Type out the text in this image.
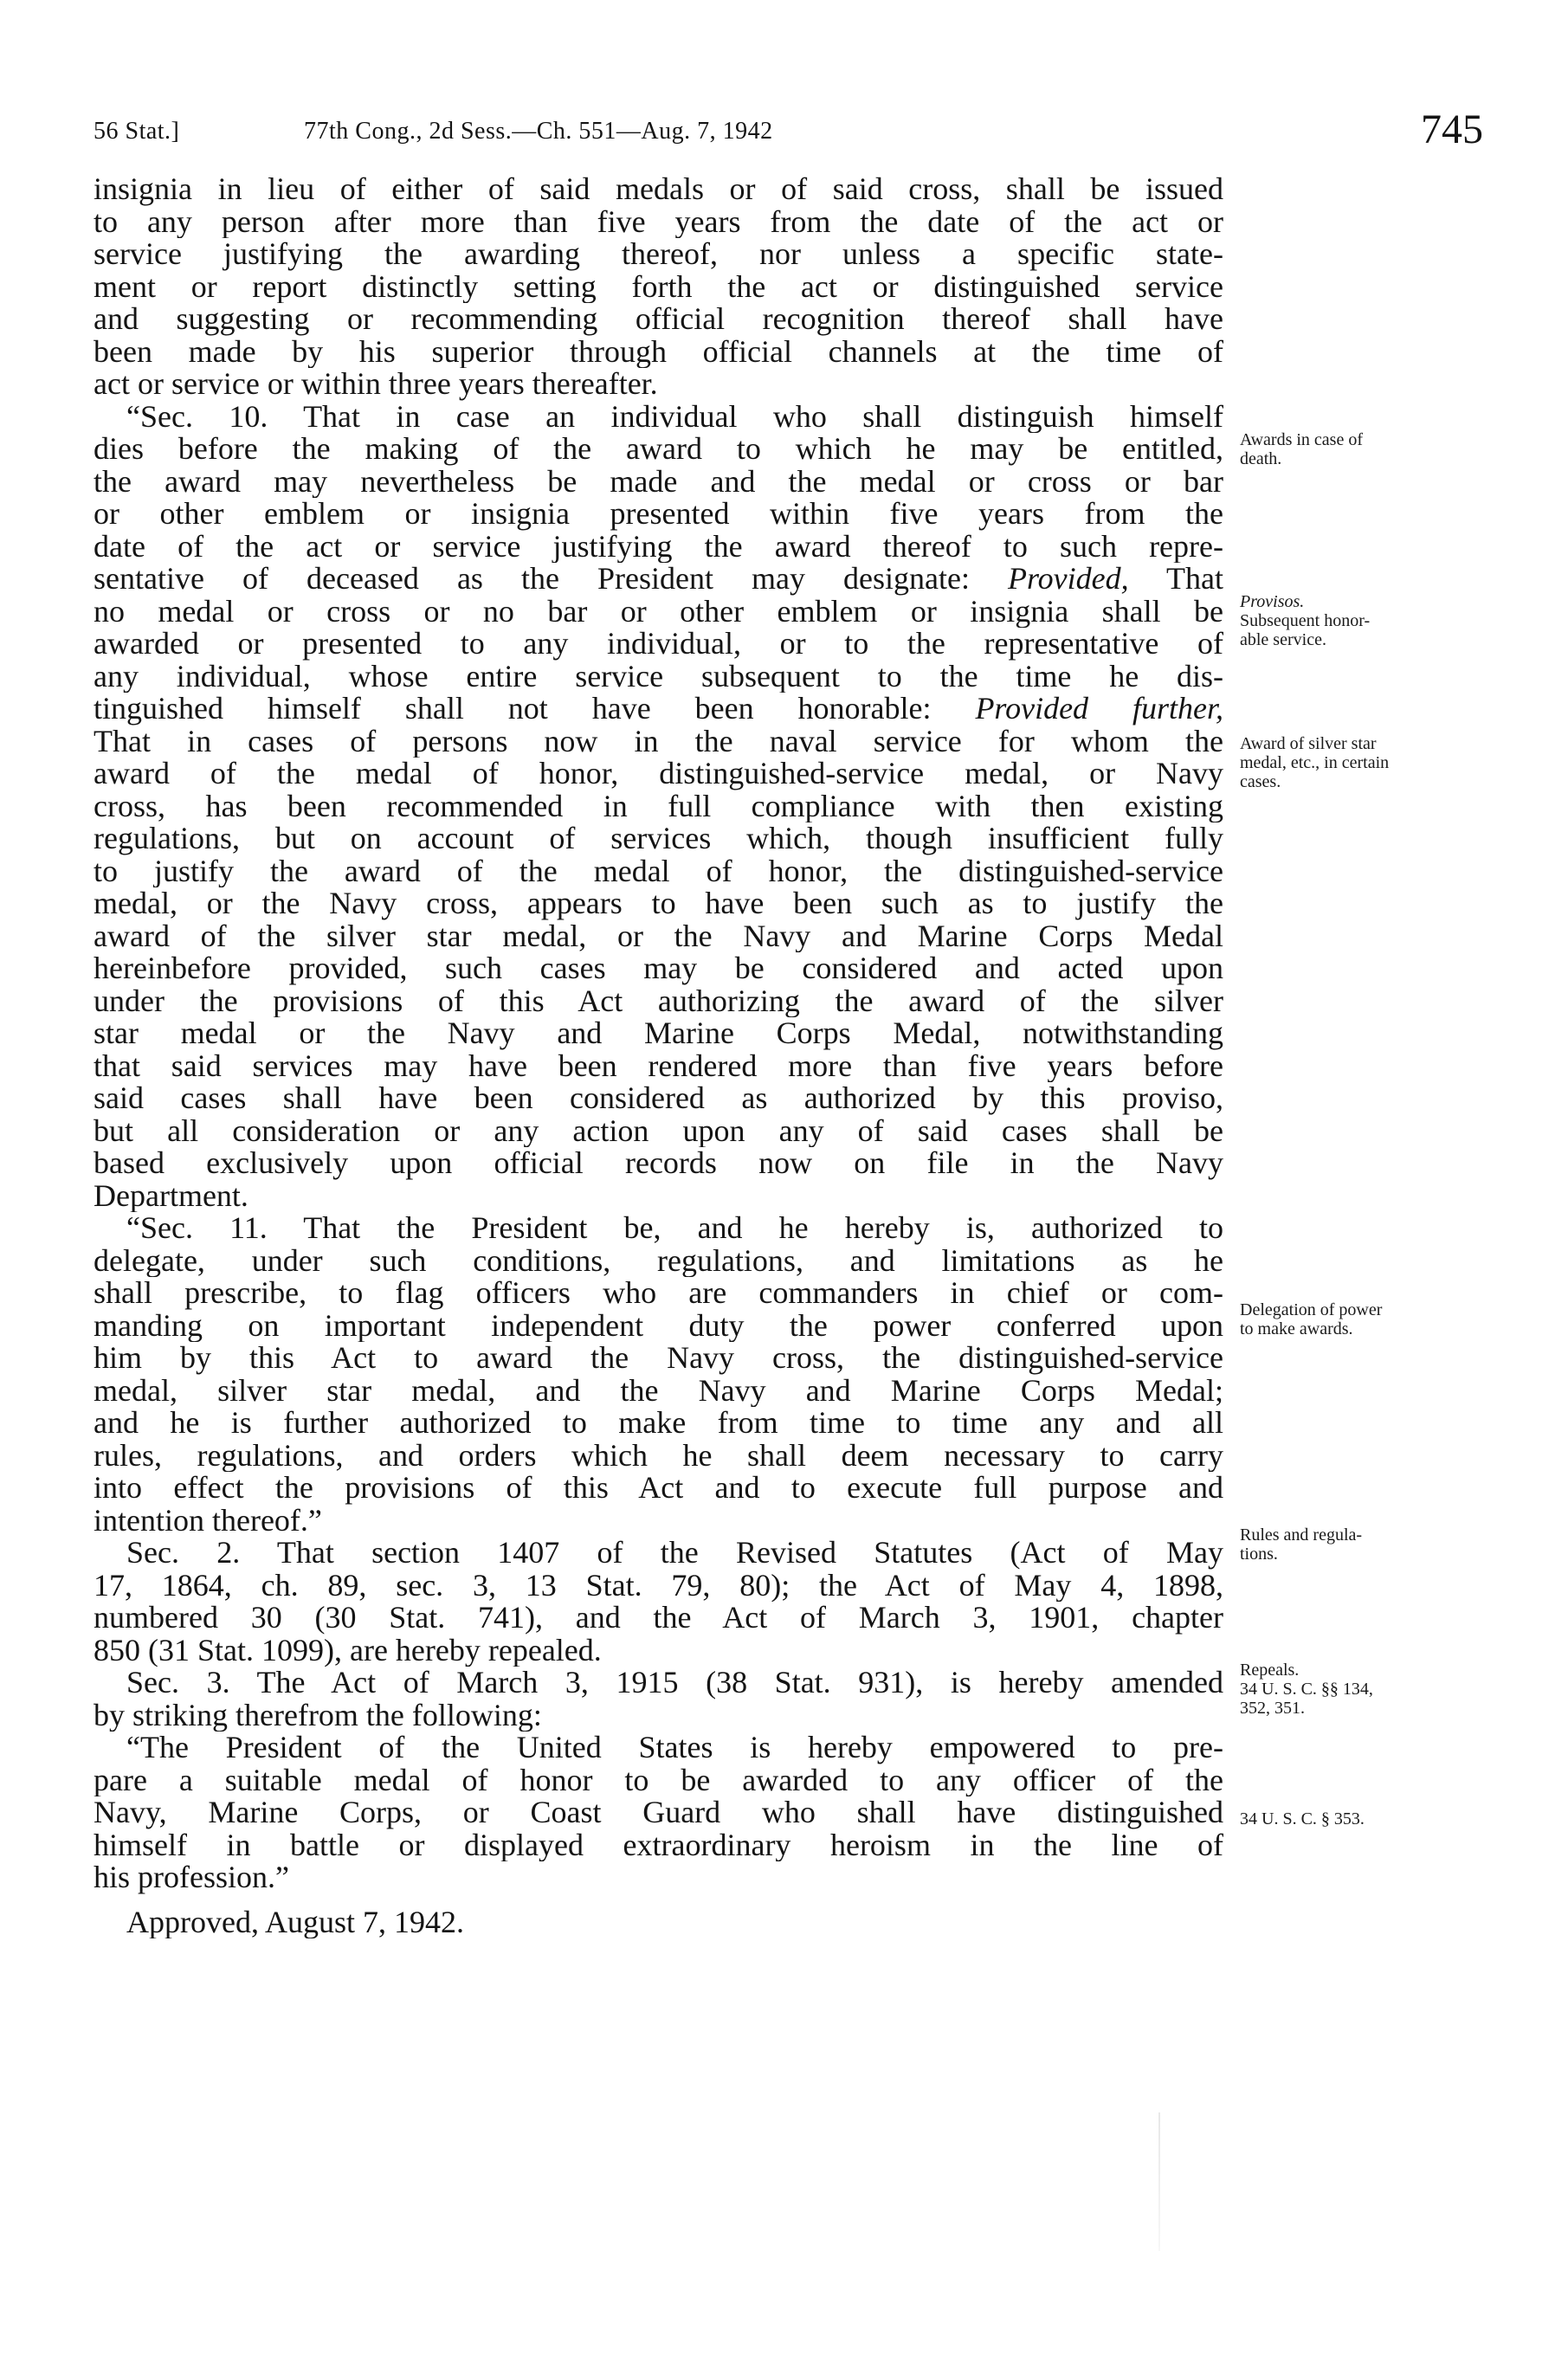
56 Stat.]	77th Cong., 2d Sess.—Ch. 551—Aug. 7, 1942	745
insignia in lieu of either of said medals or of said cross, shall be issued
to any person after more than five years from the date of the act or
service justifying the awarding thereof, nor unless a specific state-
ment or report distinctly setting forth the act or distinguished service
and suggesting or recommending official recognition thereof shall have
been made by his superior through official channels at the time of
act or service or within three years thereafter.
“Sec. 10. That in case an individual who shall distinguish himself
dies before the making of the award to which he may be entitled,
the award may nevertheless be made and the medal or cross or bar
or other emblem or insignia presented within five years from the
date of the act or service justifying the award thereof to such repre-
sentative of deceased as the President may designate: Provided, That
no medal or cross or no bar or other emblem or insignia shall be
awarded or presented to any individual, or to the representative of
any individual, whose entire service subsequent to the time he dis-
tinguished himself shall not have been honorable: Provided further,
That in cases of persons now in the naval service for whom the
award of the medal of honor, distinguished-service medal, or Navy
cross, has been recommended in full compliance with then existing
regulations, but on account of services which, though insufficient fully
to justify the award of the medal of honor, the distinguished-service
medal, or the Navy cross, appears to have been such as to justify the
award of the silver star medal, or the Navy and Marine Corps Medal
hereinbefore provided, such cases may be considered and acted upon
under the provisions of this Act authorizing the award of the silver
star medal or the Navy and Marine Corps Medal, notwithstanding
that said services may have been rendered more than five years before
said cases shall have been considered as authorized by this proviso,
but all consideration or any action upon any of said cases shall be
based exclusively upon official records now on file in the Navy
Department.
“Sec. 11. That the President be, and he hereby is, authorized to
delegate, under such conditions, regulations, and limitations as he
shall prescribe, to flag officers who are commanders in chief or com-
manding on important independent duty the power conferred upon
him by this Act to award the Navy cross, the distinguished-service
medal, silver star medal, and the Navy and Marine Corps Medal;
and he is further authorized to make from time to time any and all
rules, regulations, and orders which he shall deem necessary to carry
into effect the provisions of this Act and to execute full purpose and
intention thereof.”
Sec. 2. That section 1407 of the Revised Statutes (Act of May
17, 1864, ch. 89, sec. 3, 13 Stat. 79, 80); the Act of May 4, 1898,
numbered 30 (30 Stat. 741), and the Act of March 3, 1901, chapter
850 (31 Stat. 1099), are hereby repealed.
Sec. 3. The Act of March 3, 1915 (38 Stat. 931), is hereby amended
by striking therefrom the following:
“The President of the United States is hereby empowered to pre-
pare a suitable medal of honor to be awarded to any officer of the
Navy, Marine Corps, or Coast Guard who shall have distinguished
himself in battle or displayed extraordinary heroism in the line of
his profession.”
Approved, August 7, 1942.
Awards in case of
death.
Provisos.
Subsequent honor-
able service.
Award of silver star
medal, etc., in certain
cases.
Delegation of power
to make awards.
Rules and regula-
tions.
Repeals.
34 U. S. C. §§ 134,
352, 351.
34 U. S. C. § 353.
